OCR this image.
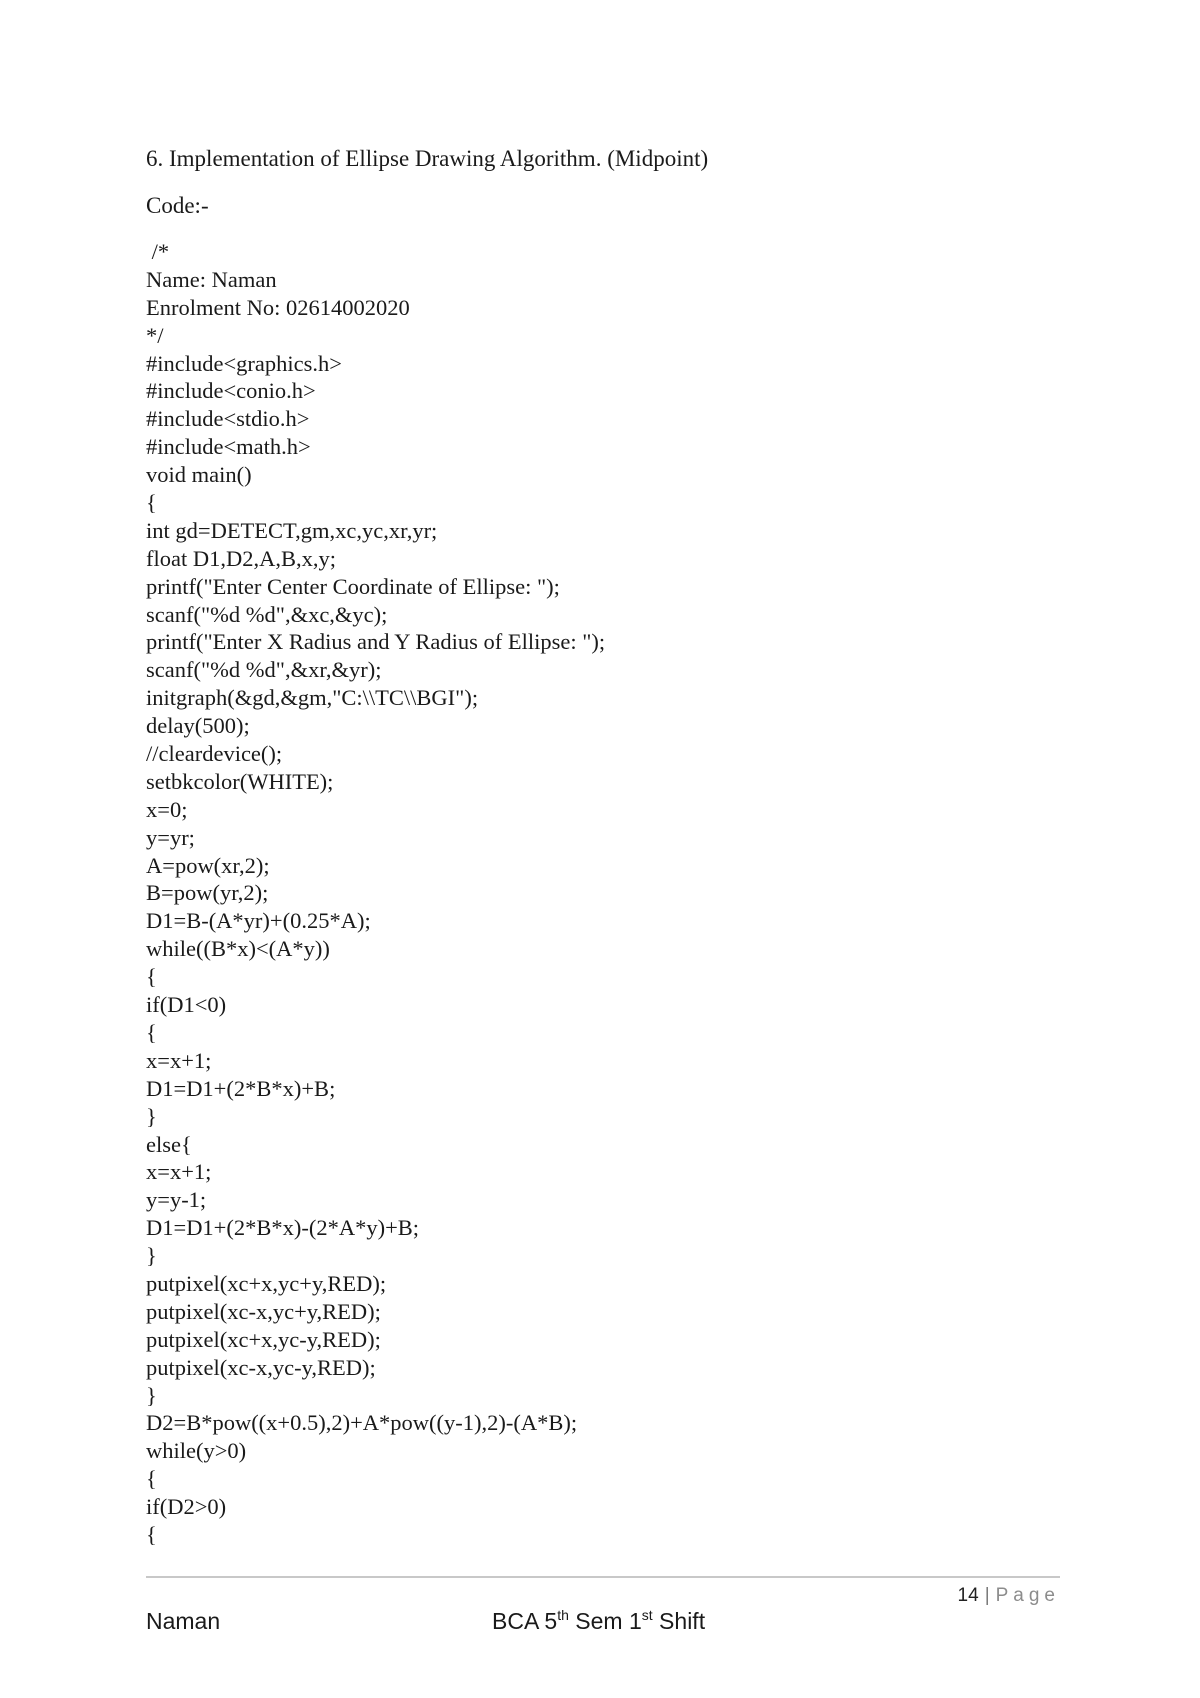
6. Implementation of Ellipse Drawing Algorithm. (Midpoint)
Code:-
/*
Name: Naman
Enrolment No: 02614002020
*/
#include<graphics.h>
#include<conio.h>
#include<stdio.h>
#include<math.h>
void main()
{
int gd=DETECT,gm,xc,yc,xr,yr;
float D1,D2,A,B,x,y;
printf("Enter Center Coordinate of Ellipse: ");
scanf("%d %d",&xc,&yc);
printf("Enter X Radius and Y Radius of Ellipse: ");
scanf("%d %d",&xr,&yr);
initgraph(&gd,&gm,"C:\\TC\\BGI");
delay(500);
//cleardevice();
setbkcolor(WHITE);
x=0;
y=yr;
A=pow(xr,2);
B=pow(yr,2);
D1=B-(A*yr)+(0.25*A);
while((B*x)<(A*y))
{
if(D1<0)
{
x=x+1;
D1=D1+(2*B*x)+B;
}
else{
x=x+1;
y=y-1;
D1=D1+(2*B*x)-(2*A*y)+B;
}
putpixel(xc+x,yc+y,RED);
putpixel(xc-x,yc+y,RED);
putpixel(xc+x,yc-y,RED);
putpixel(xc-x,yc-y,RED);
}
D2=B*pow((x+0.5),2)+A*pow((y-1),2)-(A*B);
while(y>0)
{
if(D2>0)
{
14 | Page
Naman	BCA 5th Sem 1st Shift
